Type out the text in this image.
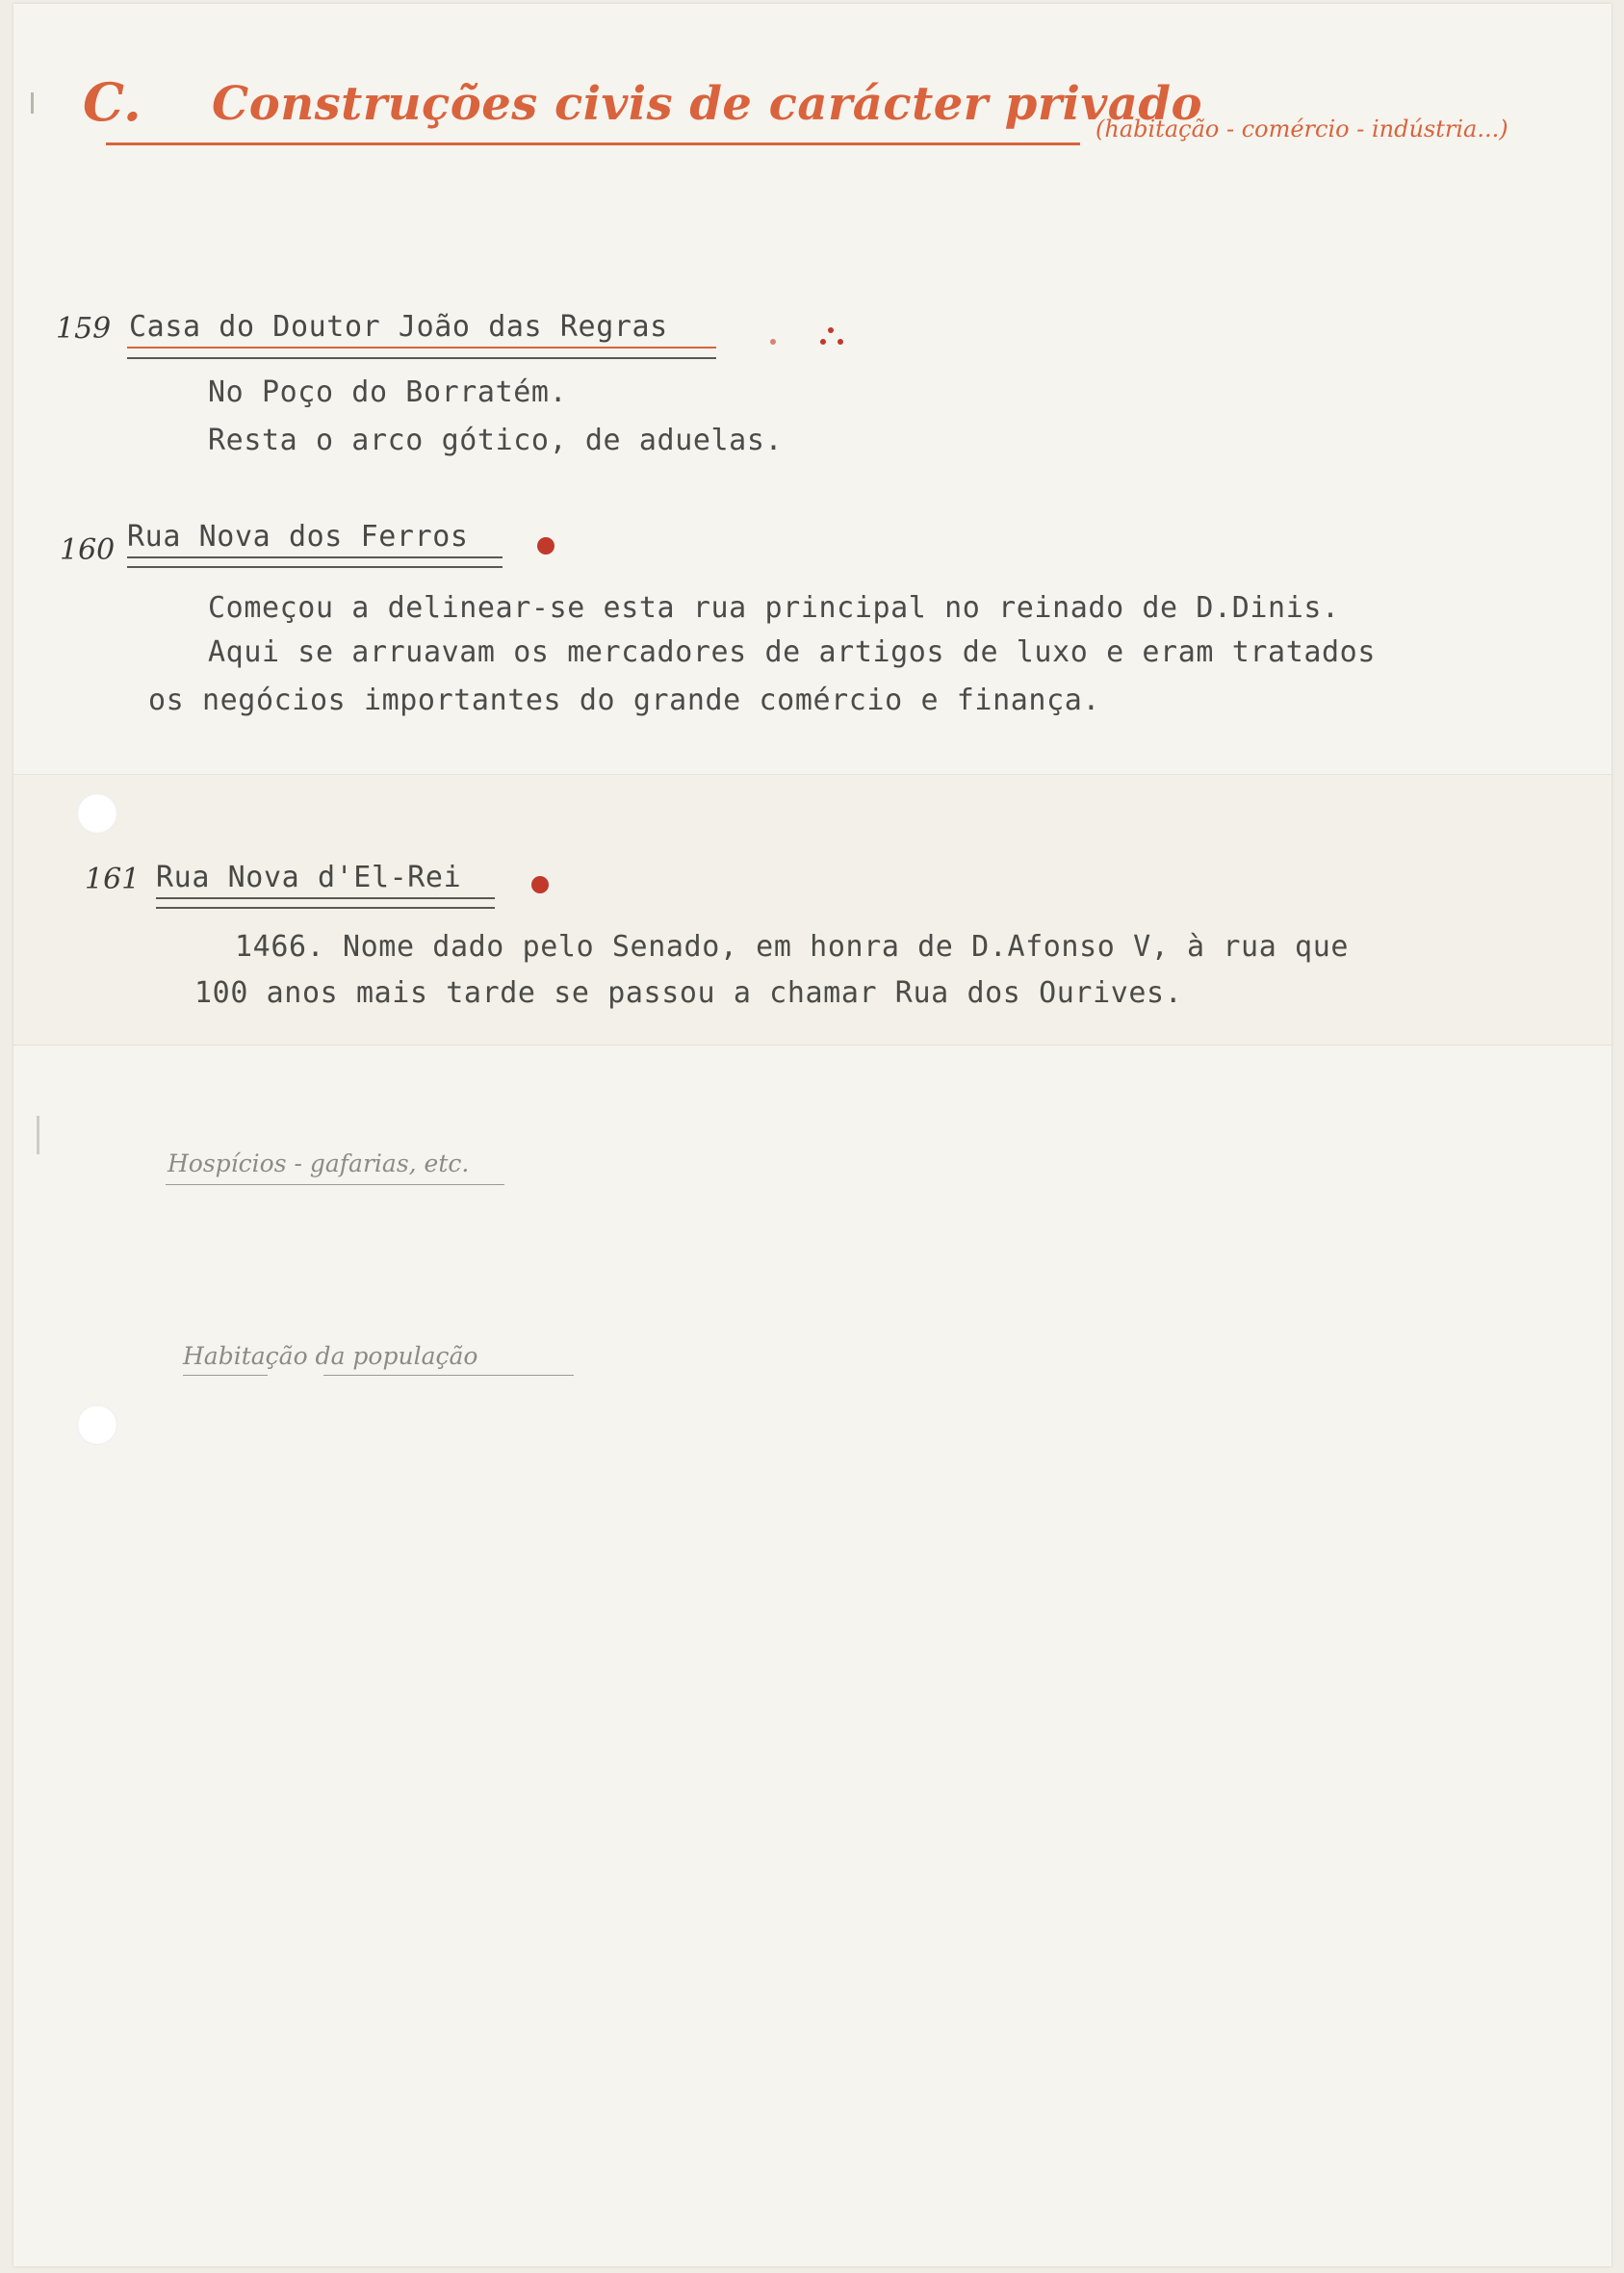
C. Construções civis de carácter privado
(habitação - comércio - indústria...)
159 Casa do Doutor João das Regras
No Poço do Borratém.
Resta o arco gótico, de aduelas.
160 Rua Nova dos Ferros
Começou a delinear-se esta rua principal no reinado de D.Dinis.
Aqui se arruavam os mercadores de artigos de luxo e eram tratados
os negócios importantes do grande comércio e finança.
161 Rua Nova d'El-Rei
1466. Nome dado pelo Senado, em honra de D.Afonso V, à rua que
100 anos mais tarde se passou a chamar Rua dos Ourives.
Hospícios - gafarias, etc.
Habitação da população
